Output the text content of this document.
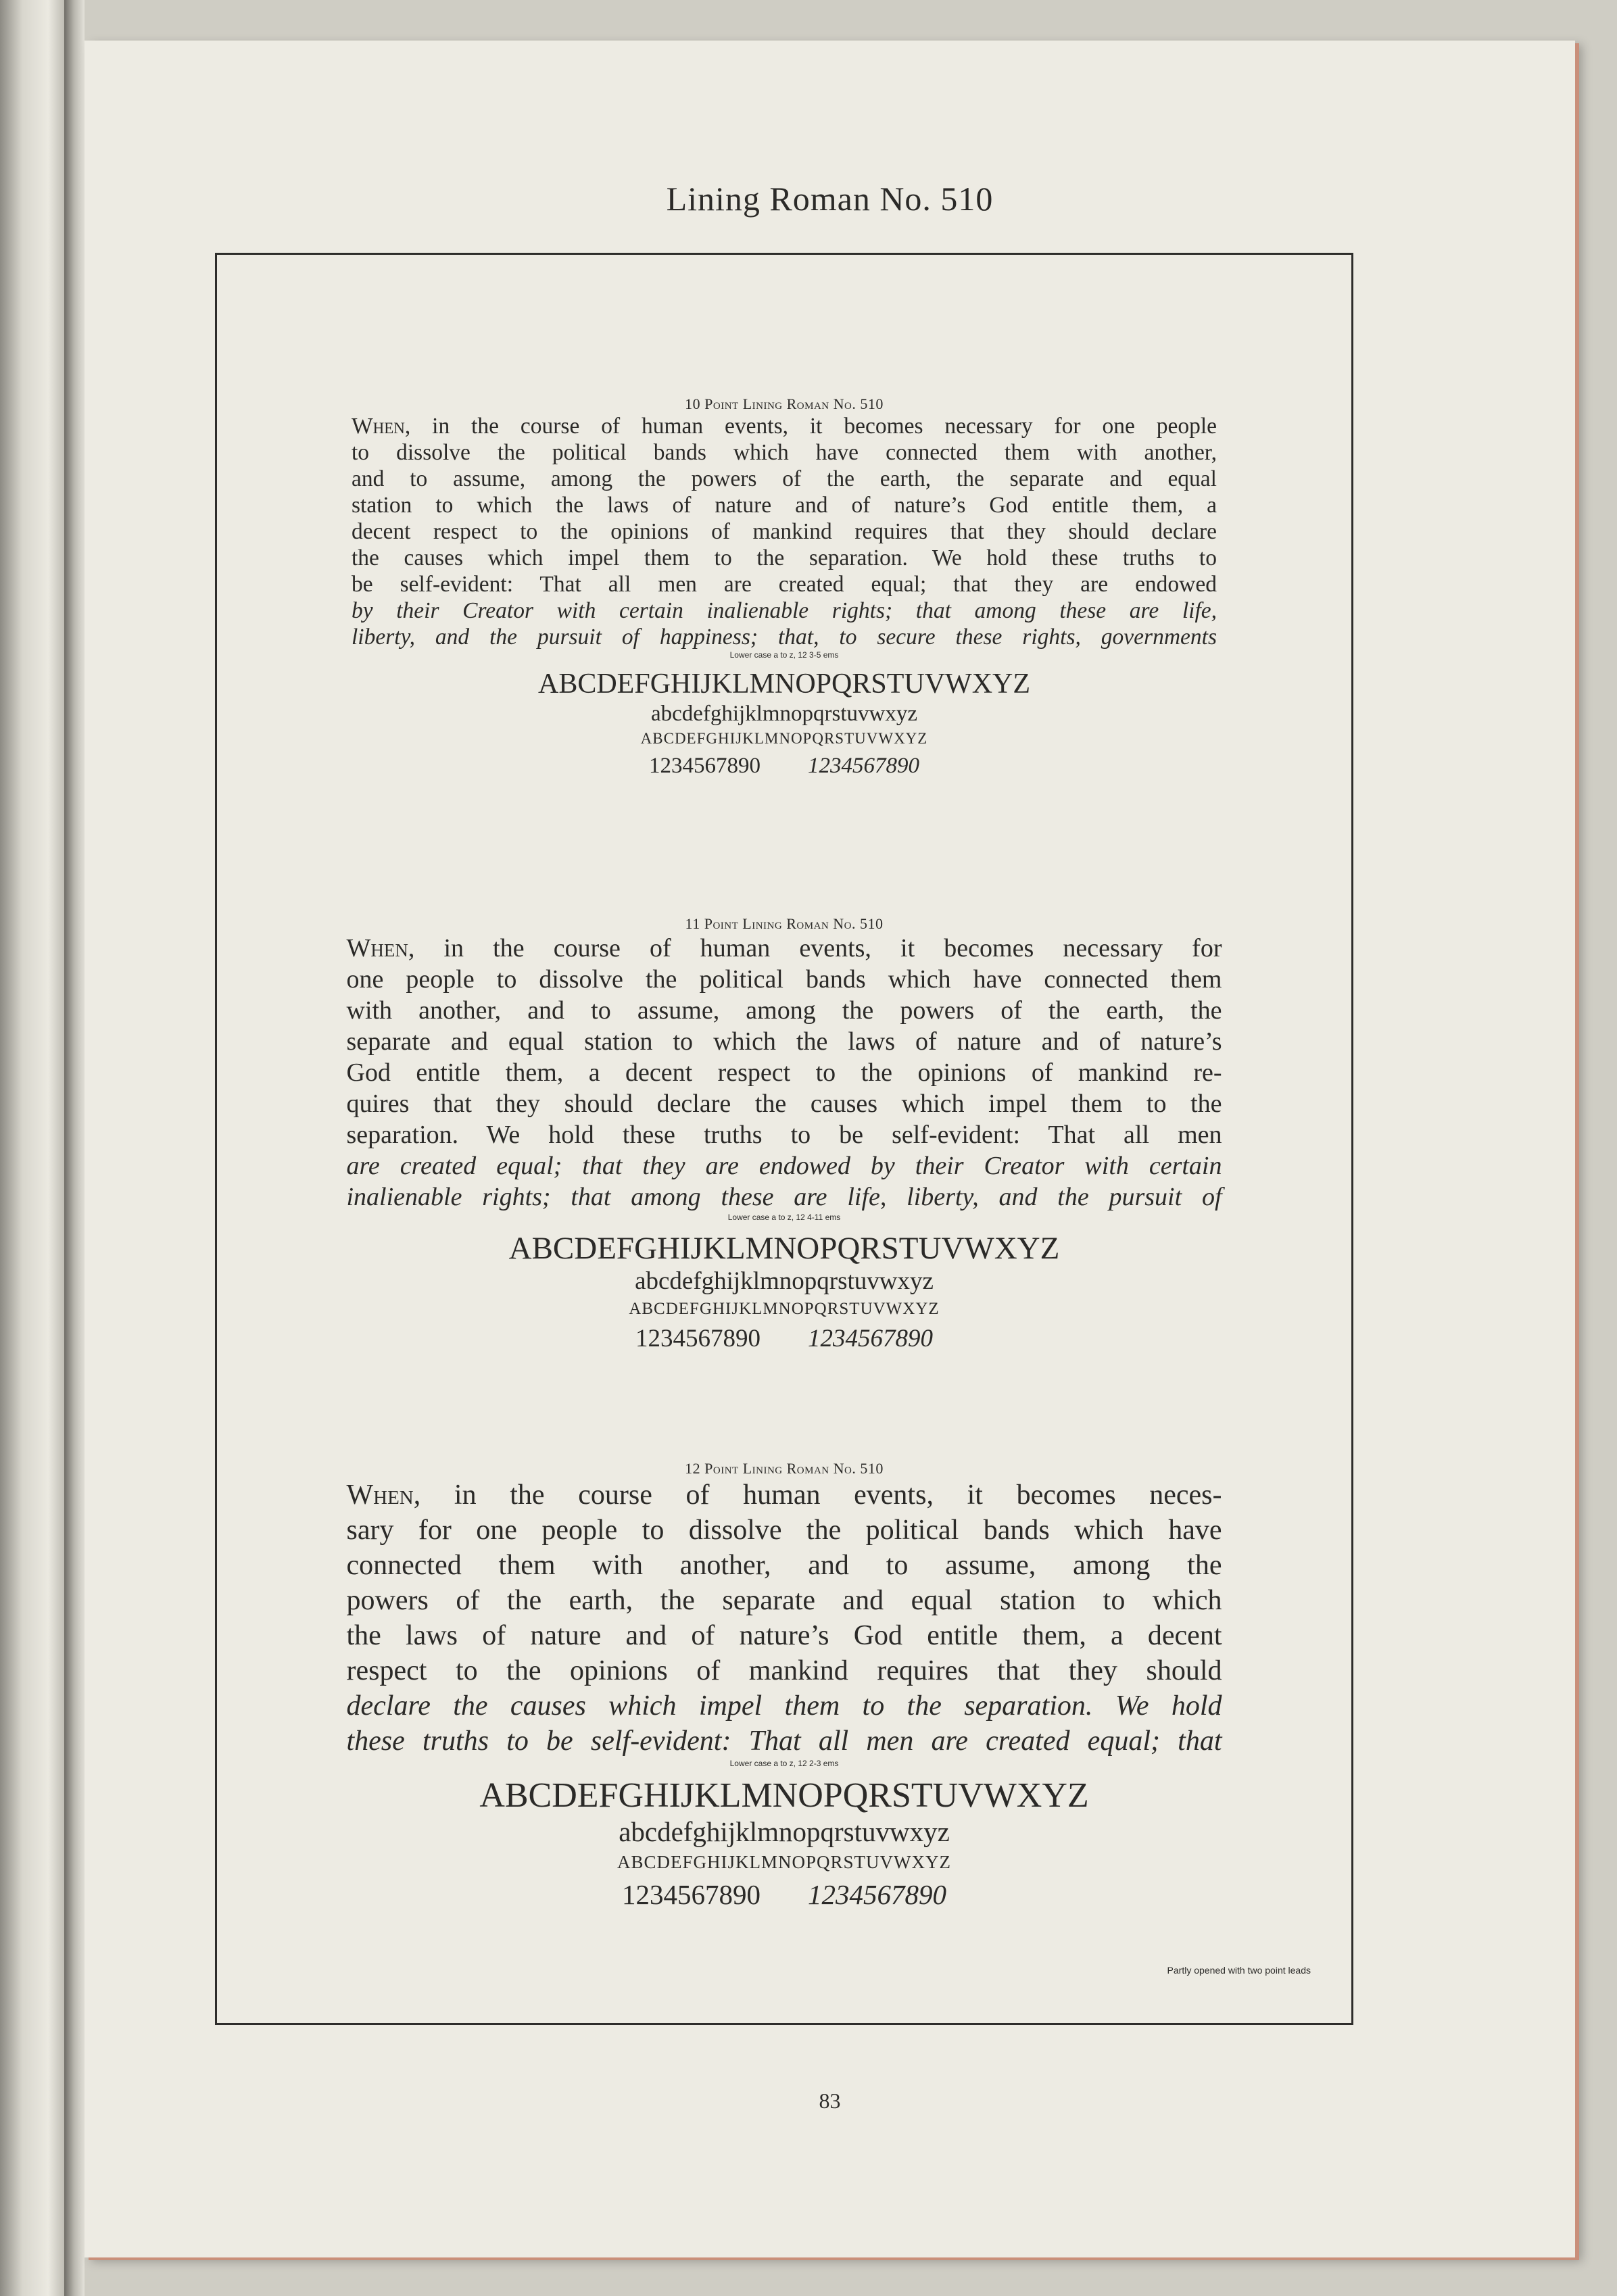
Lining Roman No. 510

10 Point Lining Roman No. 510

When, in the course of human events, it becomes necessary for one people

to dissolve the political bands which have connected them with another,

and to assume, among the powers of the earth, the separate and equal

station to which the laws of nature and of nature’s God entitle them, a

decent respect to the opinions of mankind requires that they should declare

the causes which impel them to the separation. We hold these truths to

be self-evident: That all men are created equal; that they are endowed

by their Creator with certain inalienable rights; that among these are life,

liberty, and the pursuit of happiness; that, to secure these rights, governments

Lower case a to z, 12 3-5 ems

ABCDEFGHIJKLMNOPQRSTUVWXYZ

abcdefghijklmnopqrstuvwxyz

ABCDEFGHIJKLMNOPQRSTUVWXYZ

1234567890 1234567890

11 Point Lining Roman No. 510

When, in the course of human events, it becomes necessary for

one people to dissolve the political bands which have connected them

with another, and to assume, among the powers of the earth, the

separate and equal station to which the laws of nature and of nature’s

God entitle them, a decent respect to the opinions of mankind re-

quires that they should declare the causes which impel them to the

separation. We hold these truths to be self-evident: That all men

are created equal; that they are endowed by their Creator with certain

inalienable rights; that among these are life, liberty, and the pursuit of

Lower case a to z, 12 4-11 ems

ABCDEFGHIJKLMNOPQRSTUVWXYZ

abcdefghijklmnopqrstuvwxyz

ABCDEFGHIJKLMNOPQRSTUVWXYZ

1234567890 1234567890

12 Point Lining Roman No. 510

When, in the course of human events, it becomes neces-

sary for one people to dissolve the political bands which have

connected them with another, and to assume, among the

powers of the earth, the separate and equal station to which

the laws of nature and of nature’s God entitle them, a decent

respect to the opinions of mankind requires that they should

declare the causes which impel them to the separation. We hold

these truths to be self-evident: That all men are created equal; that

Lower case a to z, 12 2-3 ems

ABCDEFGHIJKLMNOPQRSTUVWXYZ

abcdefghijklmnopqrstuvwxyz

ABCDEFGHIJKLMNOPQRSTUVWXYZ

1234567890 1234567890

Partly opened with two point leads
83
